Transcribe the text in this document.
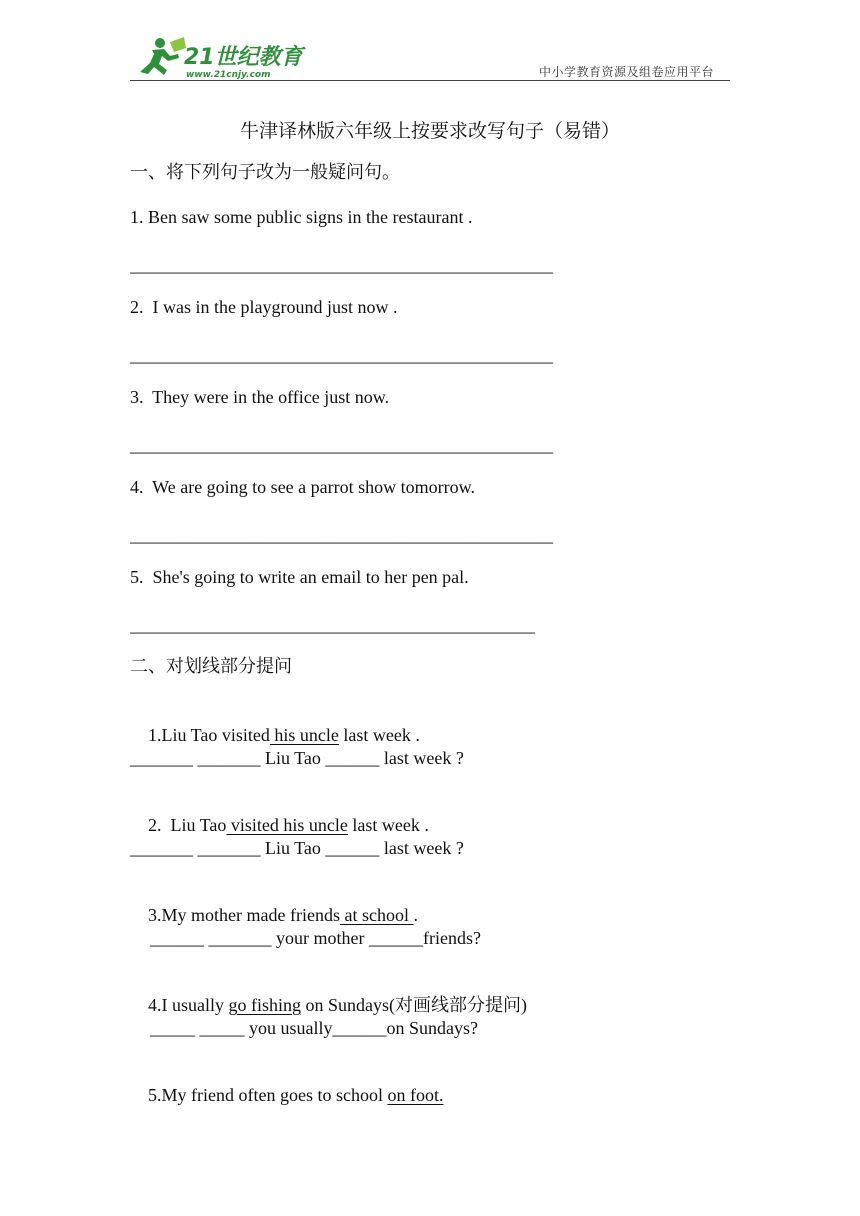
21世纪教育
www.21cnjy.com	中小学教育资源及组卷应用平台
牛津译林版六年级上按要求改写句子（易错）
一、将下列句子改为一般疑问句。
1. Ben saw some public signs in the restaurant .
_______________________________________________
2.  I was in the playground just now .
_______________________________________________
3.  They were in the office just now.
_______________________________________________
4.  We are going to see a parrot show tomorrow.
_______________________________________________
5.  She's going to write an email to her pen pal.
_____________________________________________
二、对划线部分提问

1.Liu Tao visited his uncle last week .

_______ _______ Liu Tao ______ last week ?

2.  Liu Tao visited his uncle last week .

_______ _______ Liu Tao ______ last week ?

3.My mother made friends at school .

______ _______ your mother ______friends?

4.I usually go fishing on Sundays(对画线部分提问)

_____ _____ you usually______on Sundays?

5.My friend often goes to school on foot.
